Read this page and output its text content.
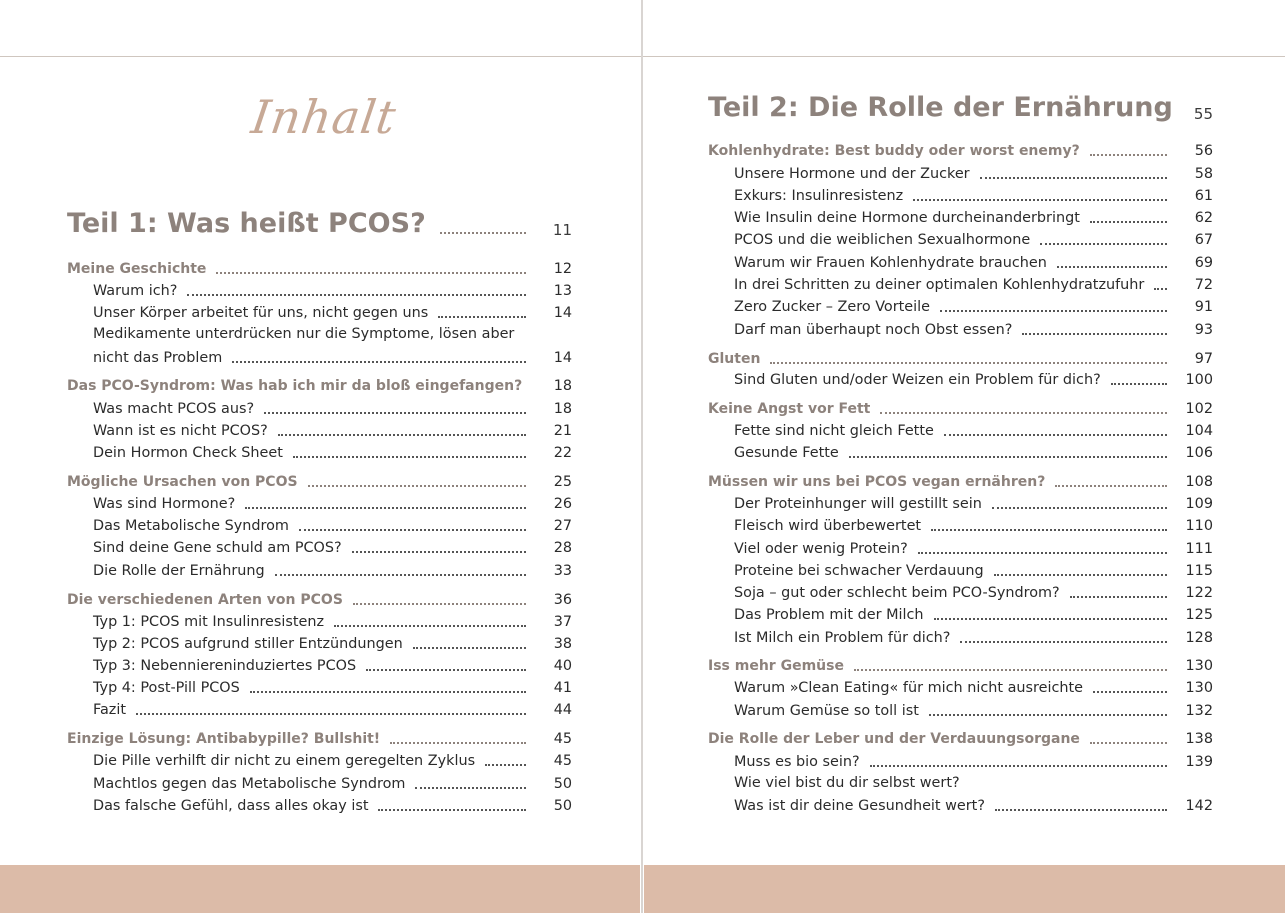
Inhalt
Teil 1: Was heißt PCOS?	11
Teil 2: Die Rolle der Ernährung	55
Meine Geschichte	12
Warum ich?	13
Unser Körper arbeitet für uns, nicht gegen uns	14
Medikamente unterdrücken nur die Symptome, lösen aber
nicht das Problem	14
Das PCO-Syndrom: Was hab ich mir da bloß eingefangen?	18
Was macht PCOS aus?	18
Wann ist es nicht PCOS?	21
Dein Hormon Check Sheet	22
Mögliche Ursachen von PCOS	25
Was sind Hormone?	26
Das Metabolische Syndrom	27
Sind deine Gene schuld am PCOS?	28
Die Rolle der Ernährung	33
Die verschiedenen Arten von PCOS	36
Typ 1: PCOS mit Insulinresistenz	37
Typ 2: PCOS aufgrund stiller Entzündungen	38
Typ 3: Nebenniereninduziertes PCOS	40
Typ 4: Post-Pill PCOS	41
Fazit	44
Einzige Lösung: Antibabypille? Bullshit!	45
Die Pille verhilft dir nicht zu einem geregelten Zyklus	45
Machtlos gegen das Metabolische Syndrom	50
Das falsche Gefühl, dass alles okay ist	50
Kohlenhydrate: Best buddy oder worst enemy?	56
Unsere Hormone und der Zucker	58
Exkurs: Insulinresistenz	61
Wie Insulin deine Hormone durcheinanderbringt	62
PCOS und die weiblichen Sexualhormone	67
Warum wir Frauen Kohlenhydrate brauchen	69
In drei Schritten zu deiner optimalen Kohlenhydratzufuhr	72
Zero Zucker – Zero Vorteile	91
Darf man überhaupt noch Obst essen?	93
Gluten	97
Sind Gluten und/oder Weizen ein Problem für dich?	100
Keine Angst vor Fett	102
Fette sind nicht gleich Fette	104
Gesunde Fette	106
Müssen wir uns bei PCOS vegan ernähren?	108
Der Proteinhunger will gestillt sein	109
Fleisch wird überbewertet	110
Viel oder wenig Protein?	111
Proteine bei schwacher Verdauung	115
Soja – gut oder schlecht beim PCO-Syndrom?	122
Das Problem mit der Milch	125
Ist Milch ein Problem für dich?	128
Iss mehr Gemüse	130
Warum »Clean Eating« für mich nicht ausreichte	130
Warum Gemüse so toll ist	132
Die Rolle der Leber und der Verdauungsorgane	138
Muss es bio sein?	139
Wie viel bist du dir selbst wert?
Was ist dir deine Gesundheit wert?	142
